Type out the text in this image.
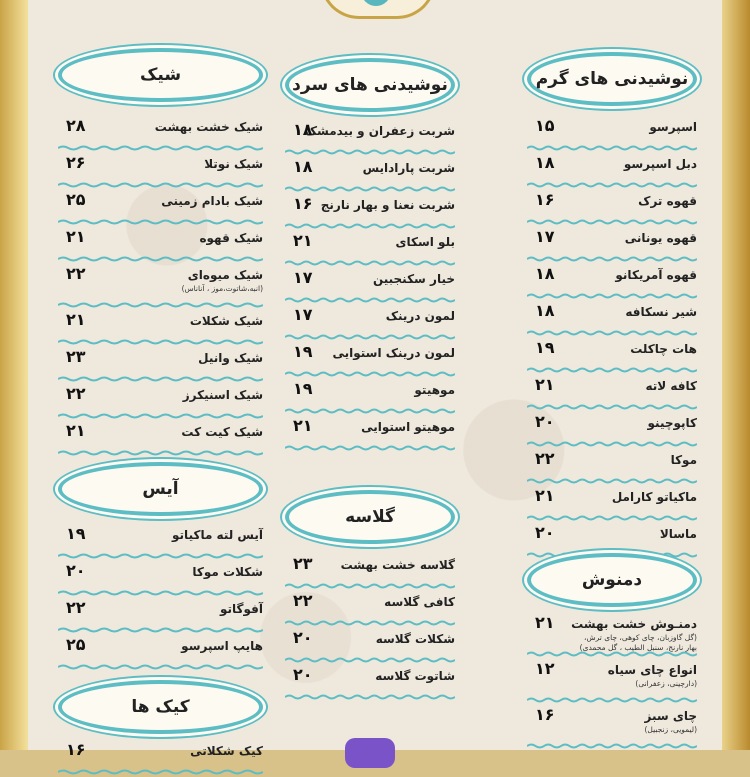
شیک
شیک خشت بهشت
۲۸
شیک نوتلا
۲۶
شیک بادام زمینی
۲۵
شیک قهوه
۲۱
شیک میوه‌ای
۲۲
(انبه،شاتوت،موز ، آناناس)
شیک شکلات
۲۱
شیک وانیل
۲۳
شیک اسنیکرز
۲۲
شیک کیت کت
۲۱
آیس
آیس لته ماکیاتو
۱۹
شکلات موکا
۲۰
آفوگاتو
۲۲
هایپ اسپرسو
۲۵
کیک ها
کیک شکلاتی
۱۶
نوشیدنی های سرد
شربت زعفران و بیدمشک
۱۸
شربت پارادایس
۱۸
شربت نعنا و بهار نارنج
۱۶
بلو اسکای
۲۱
خیار سکنجبین
۱۷
لمون درینک
۱۷
لمون درینک استوایی
۱۹
موهیتو
۱۹
موهیتو استوایی
۲۱
گلاسه
گلاسه خشت بهشت
۲۳
کافی گلاسه
۲۲
شکلات گلاسه
۲۰
شاتوت گلاسه
۲۰
نوشیدنی های گرم
اسپرسو
۱۵
دبل اسپرسو
۱۸
قهوه ترک
۱۶
قهوه یونانی
۱۷
قهوه آمریکانو
۱۸
شیر نسکافه
۱۸
هات چاکلت
۱۹
کافه لاته
۲۱
کاپوچینو
۲۰
موکا
۲۲
ماکیاتو کارامل
۲۱
ماسالا
۲۰
دمنوش
دمنـوش خشت بهشت
۲۱
(گل گاوزبان، چای کوهی، چای ترش،
بهار نارنج، سنبل الطیب ، گل محمدی)
انواع چای سیاه
۱۲
(دارچینی، زعفرانی)
چای سبز
۱۶
(لیمویی، زنجبیل)
